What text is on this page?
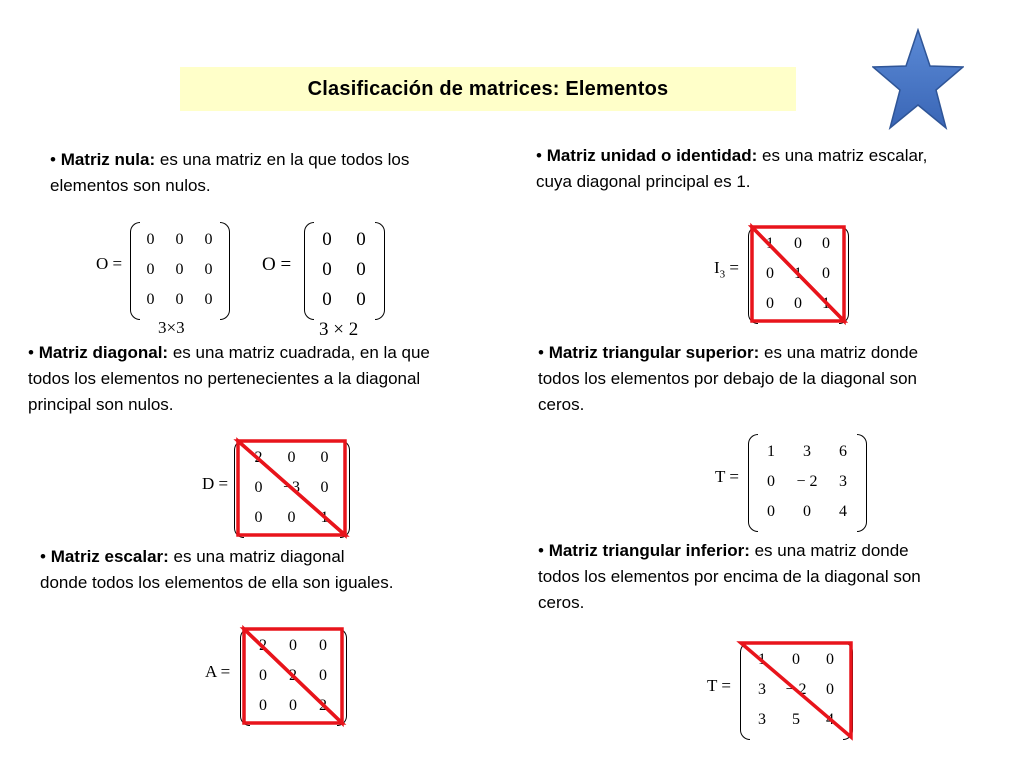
Clasificación de matrices: Elementos
• Matriz nula: es una matriz en la que todos los
elementos son nulos.
O =
0	0	0
0	0	0
0	0	0
3×3
O =
0	0
0	0
0	0
3 × 2
• Matriz unidad o identidad: es una matriz escalar,
cuya diagonal principal es 1.
$I_3$ =
1	0	0
0	1	0
0	0	1
• Matriz diagonal: es una matriz cuadrada, en la que
todos los elementos no pertenecientes a la diagonal
principal son nulos.
D =
2	0	0
0	−3	0
0	0	1
• Matriz triangular superior: es una matriz donde
todos los elementos por debajo de la diagonal son
ceros.
T =
1	3	6
0	− 2	3
0	0	4
• Matriz escalar: es una matriz diagonal
donde todos los elementos de ella son iguales.
A =
2	0	0
0	2	0
0	0	2
• Matriz triangular inferior: es una matriz donde
todos los elementos por encima de la diagonal son
ceros.
T =
1	0	0
3	− 2	0
3	5	4
